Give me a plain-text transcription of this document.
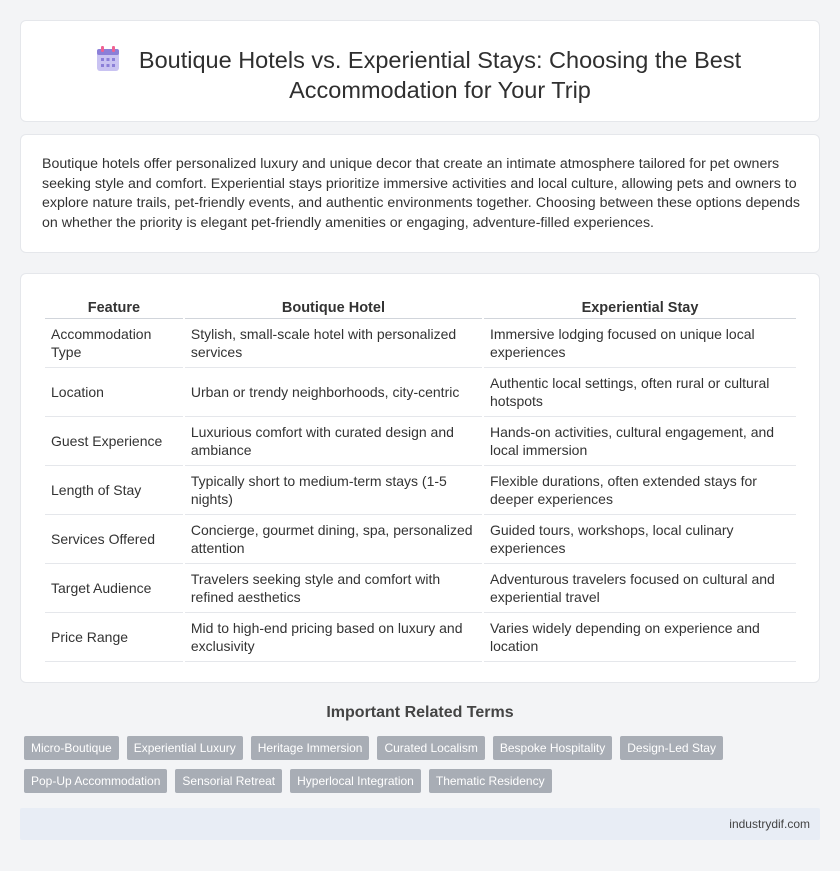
Boutique Hotels vs. Experiential Stays: Choosing the Best Accommodation for Your Trip

Boutique hotels offer personalized luxury and unique decor that create an intimate atmosphere tailored for pet owners seeking style and comfort. Experiential stays prioritize immersive activities and local culture, allowing pets and owners to explore nature trails, pet-friendly events, and authentic environments together. Choosing between these options depends on whether the priority is elegant pet-friendly amenities or engaging, adventure-filled experiences.

Feature	Boutique Hotel	Experiential Stay
Accommodation Type	Stylish, small-scale hotel with personalized services	Immersive lodging focused on unique local experiences
Location	Urban or trendy neighborhoods, city-centric	Authentic local settings, often rural or cultural hotspots
Guest Experience	Luxurious comfort with curated design and ambiance	Hands-on activities, cultural engagement, and local immersion
Length of Stay	Typically short to medium-term stays (1-5 nights)	Flexible durations, often extended stays for deeper experiences
Services Offered	Concierge, gourmet dining, spa, personalized attention	Guided tours, workshops, local culinary experiences
Target Audience	Travelers seeking style and comfort with refined aesthetics	Adventurous travelers focused on cultural and experiential travel
Price Range	Mid to high-end pricing based on luxury and exclusivity	Varies widely depending on experience and location
Important Related Terms
Micro-Boutique	Experiential Luxury	Heritage Immersion	Curated Localism	Bespoke Hospitality	Design-Led Stay
Pop-Up Accommodation	Sensorial Retreat	Hyperlocal Integration	Thematic Residency
industrydif.com
